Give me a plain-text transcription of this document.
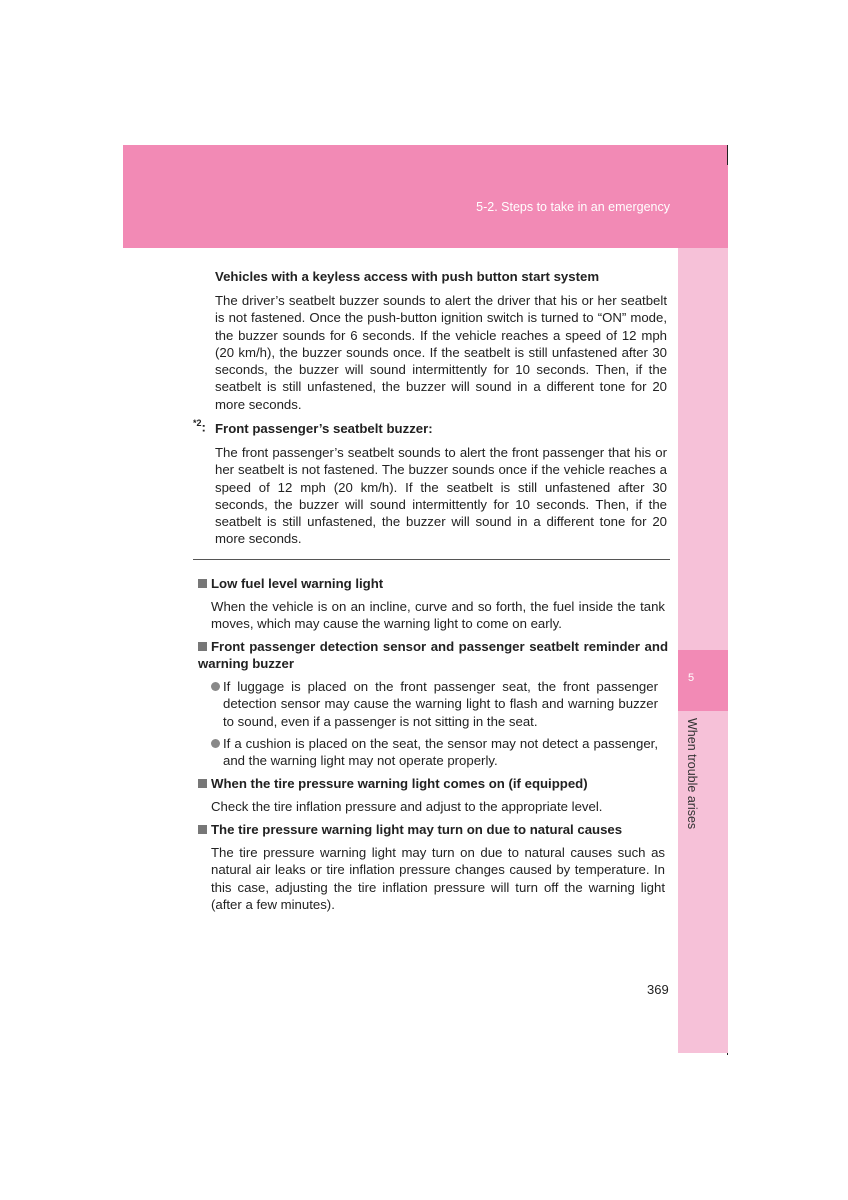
5-2. Steps to take in an emergency
5
When trouble arises
Vehicles with a keyless access with push button start system
The driver’s seatbelt buzzer sounds to alert the driver that his or her seatbelt is not fastened. Once the push-button ignition switch is turned to “ON” mode, the buzzer sounds for 6 seconds. If the vehicle reaches a speed of 12 mph (20 km/h), the buzzer sounds once. If the seatbelt is still unfastened after 30 seconds, the buzzer will sound intermittently for 10 seconds. Then, if the seatbelt is still unfastened, the buzzer will sound in a different tone for 20 more seconds.
$^{*2}$: Front passenger’s seatbelt buzzer:
The front passenger’s seatbelt sounds to alert the front passenger that his or her seatbelt is not fastened. The buzzer sounds once if the vehicle reaches a speed of 12 mph (20 km/h). If the seatbelt is still unfastened after 30 seconds, the buzzer will sound intermittently for 10 seconds. Then, if the seatbelt is still unfastened, the buzzer will sound in a different tone for 20 more seconds.
Low fuel level warning light
When the vehicle is on an incline, curve and so forth, the fuel inside the tank moves, which may cause the warning light to come on early.
Front passenger detection sensor and passenger seatbelt reminder and warning buzzer
If luggage is placed on the front passenger seat, the front passenger detection sensor may cause the warning light to flash and warning buzzer to sound, even if a passenger is not sitting in the seat.
If a cushion is placed on the seat, the sensor may not detect a passenger, and the warning light may not operate properly.
When the tire pressure warning light comes on (if equipped)
Check the tire inflation pressure and adjust to the appropriate level.
The tire pressure warning light may turn on due to natural causes
The tire pressure warning light may turn on due to natural causes such as natural air leaks or tire inflation pressure changes caused by temperature. In this case, adjusting the tire inflation pressure will turn off the warning light (after a few minutes).
369
